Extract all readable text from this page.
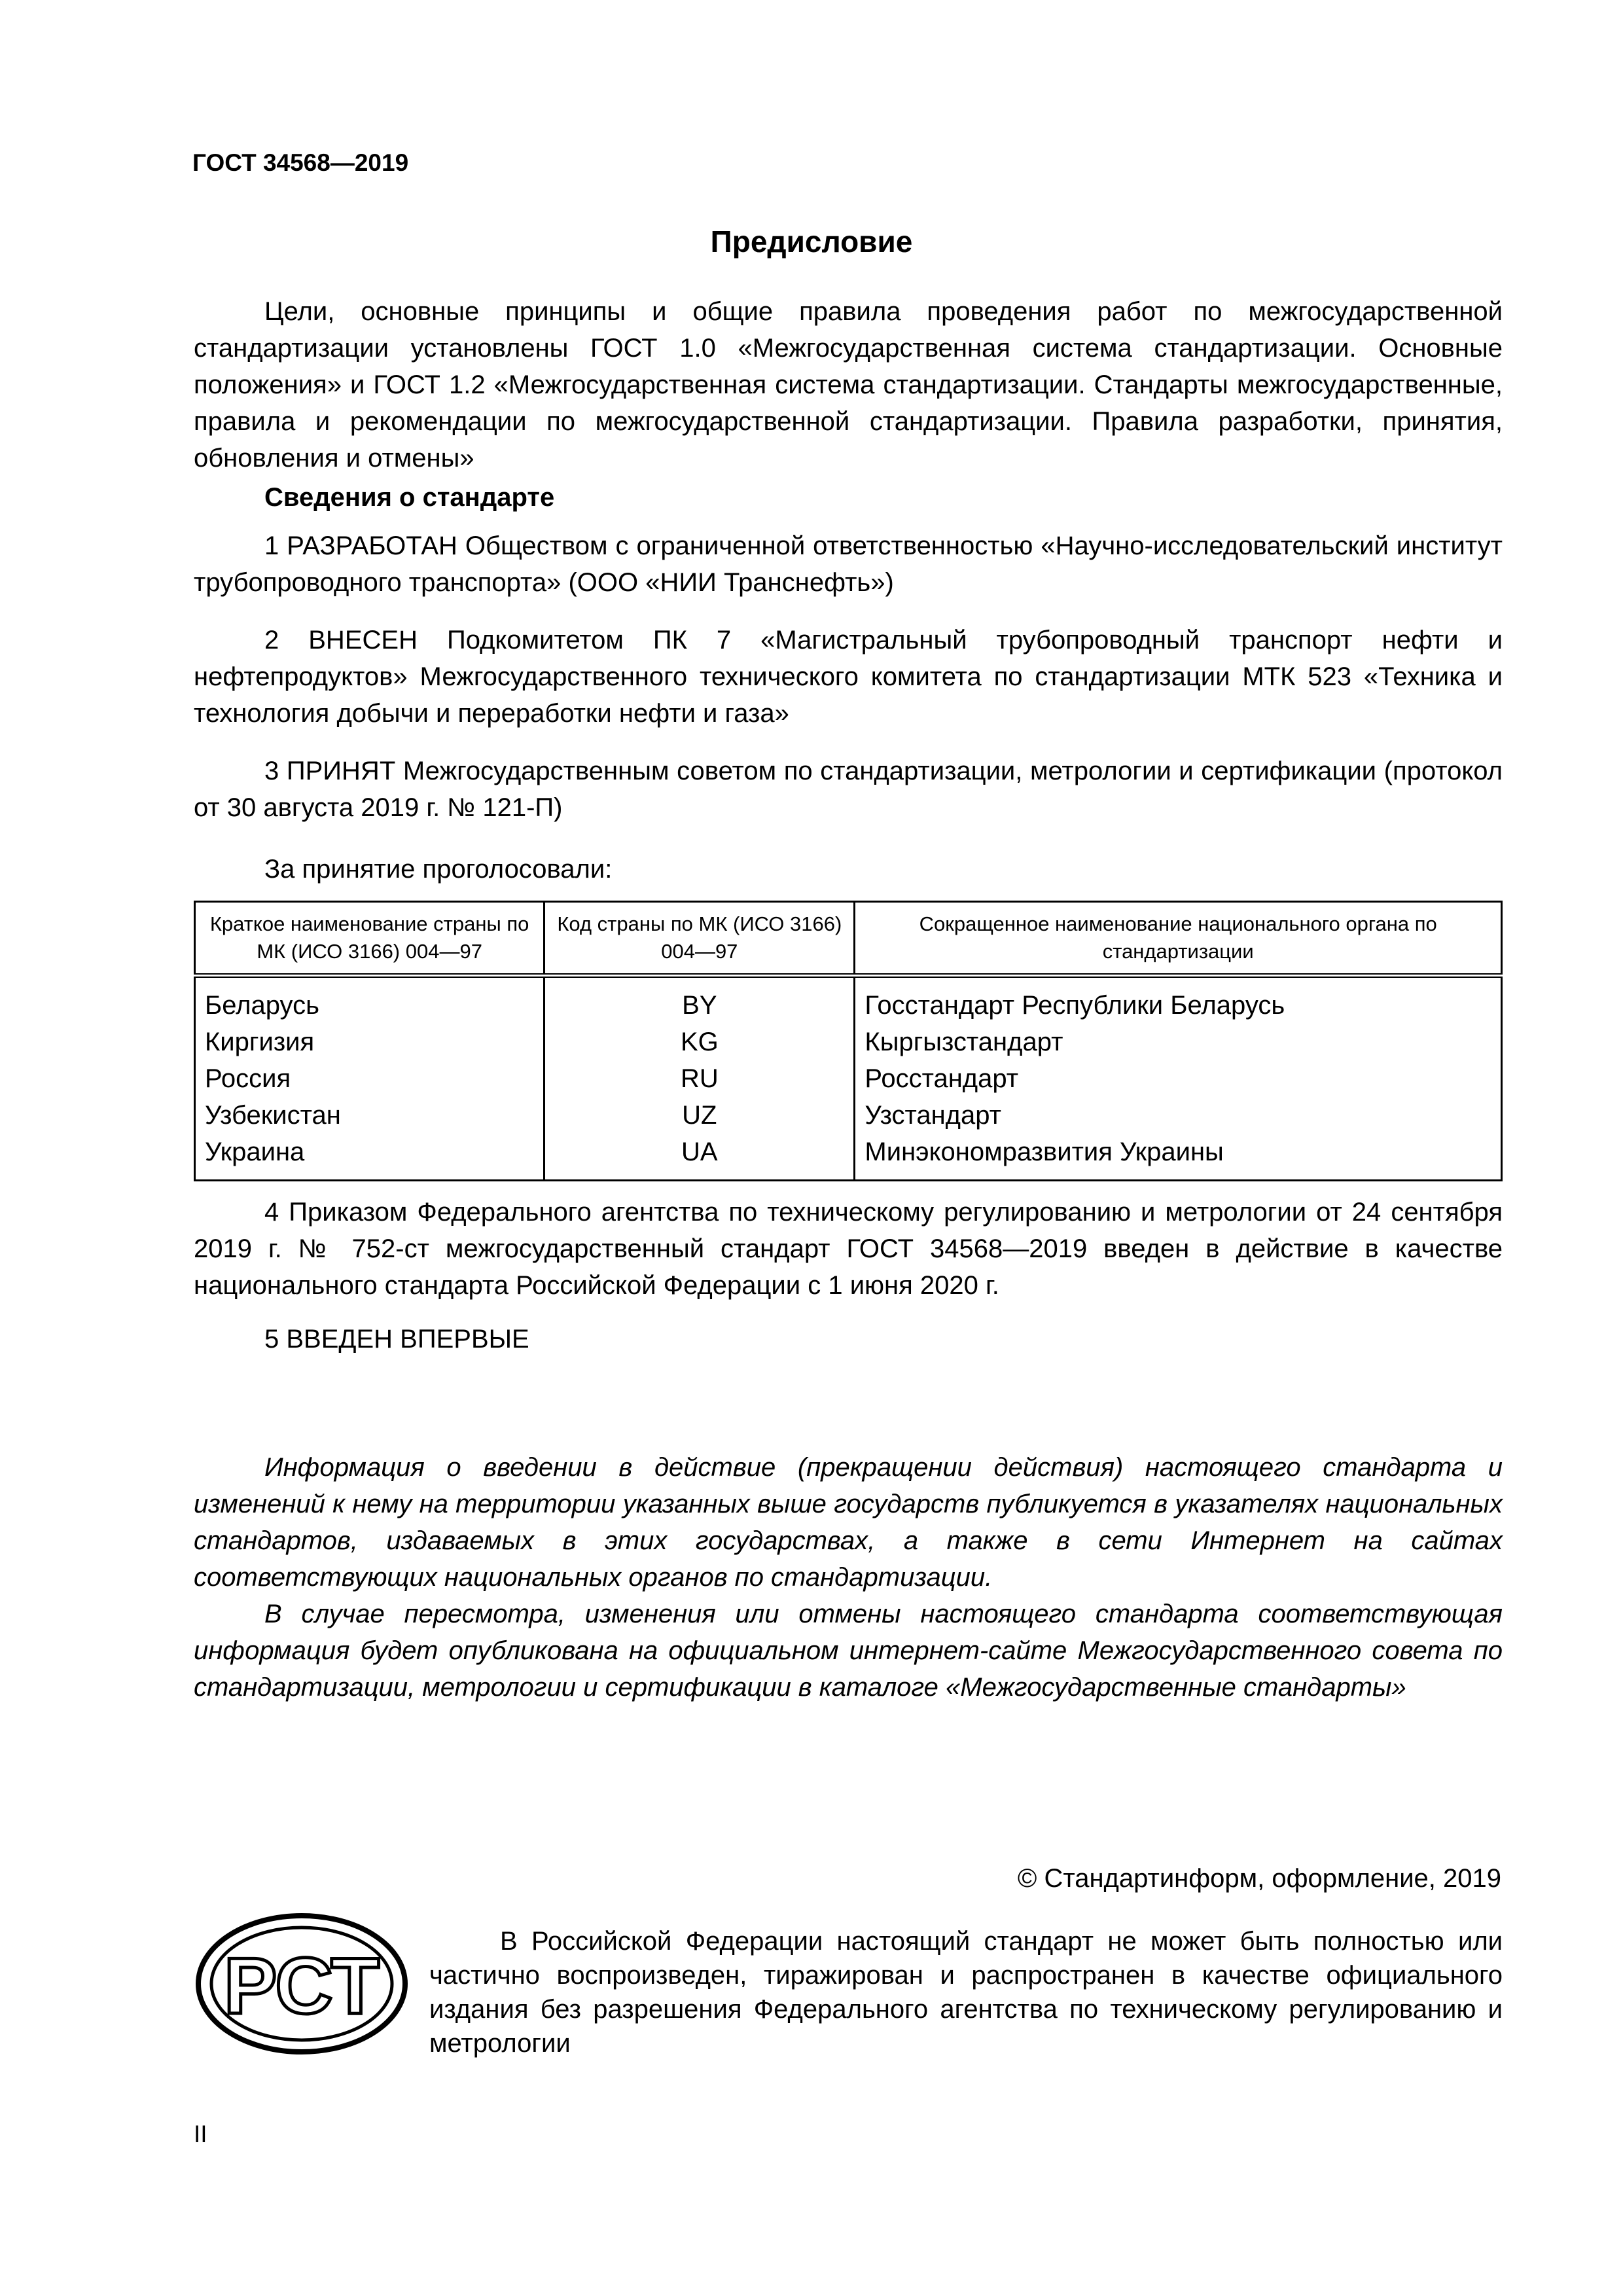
ГОСТ 34568—2019
Предисловие

Цели, основные принципы и общие правила проведения работ по межгосударственной стандартизации установлены ГОСТ 1.0 «Межгосударственная система стандартизации. Основные положения» и ГОСТ 1.2 «Межгосударственная система стандартизации. Стандарты межгосударственные, правила и рекомендации по межгосударственной стандартизации. Правила разработки, принятия, обновления и отмены»

Сведения о стандарте

1 РАЗРАБОТАН Обществом с ограниченной ответственностью «Научно-исследовательский институт трубопроводного транспорта» (ООО «НИИ Транснефть»)

2 ВНЕСЕН Подкомитетом ПК 7 «Магистральный трубопроводный транспорт нефти и нефтепродуктов» Межгосударственного технического комитета по стандартизации МТК 523 «Техника и технология добычи и переработки нефти и газа»

3 ПРИНЯТ Межгосударственным советом по стандартизации, метрологии и сертификации (протокол от 30 августа 2019 г. № 121-П)

За принятие проголосовали:
Краткое наименование страны по МК (ИСО 3166) 004—97	Код страны по МК (ИСО 3166) 004—97	Сокращенное наименование национального органа по стандартизации
Беларусь	BY	Госстандарт Республики Беларусь
Киргизия	KG	Кыргызстандарт
Россия	RU	Росстандарт
Узбекистан	UZ	Узстандарт
Украина	UA	Минэкономразвития Украины

4 Приказом Федерального агентства по техническому регулированию и метрологии от 24 сентября 2019 г. № 752-ст межгосударственный стандарт ГОСТ 34568—2019 введен в действие в качестве национального стандарта Российской Федерации с 1 июня 2020 г.

5 ВВЕДЕН ВПЕРВЫЕ

Информация о введении в действие (прекращении действия) настоящего стандарта и изменений к нему на территории указанных выше государств публикуется в указателях национальных стандартов, издаваемых в этих государствах, а также в сети Интернет на сайтах соответствующих национальных органов по стандартизации.

В случае пересмотра, изменения или отмены настоящего стандарта соответствующая информация будет опубликована на официальном интернет-сайте Межгосударственного совета по стандартизации, метрологии и сертификации в каталоге «Межгосударственные стандарты»

© Стандартинформ, оформление, 2019
РСТ	В Российской Федерации настоящий стандарт не может быть полностью или частично воспроизведен, тиражирован и распространен в качестве официального издания без разрешения Федерального агентства по техническому регулированию и метрологии

II
